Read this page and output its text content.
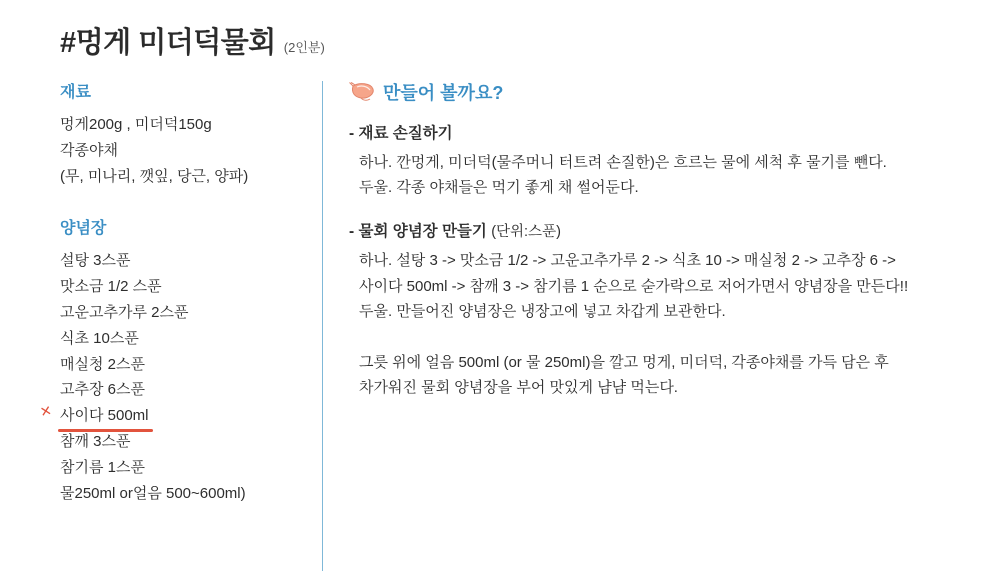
#멍게 미더덕물회 (2인분)
재료
멍게200g , 미더덕150g
각종야채
(무, 미나리, 깻잎, 당근, 양파)
양념장
설탕 3스푼
맛소금 1/2 스푼
고운고추가루 2스푼
식초 10스푼
매실청 2스푼
고추장 6스푼
✕ 사이다 500ml
참깨 3스푼
참기름 1스푼
물250ml or얼음 500~600ml)
만들어 볼까요?
- 재료 손질하기
하나. 깐멍게, 미더덕(물주머니 터트려 손질한)은 흐르는 물에 세척 후 물기를 뺀다.
두울. 각종 야채들은 먹기 좋게 채 썰어둔다.
- 물회 양념장 만들기 (단위:스푼)
하나. 설탕 3 -> 맛소금 1/2 -> 고운고추가루 2 -> 식초 10 -> 매실청 2 -> 고추장 6 ->
사이다 500ml -> 참깨 3 -> 참기름 1 순으로 숟가락으로 저어가면서 양념장을 만든다!!
두울. 만들어진 양념장은 냉장고에 넣고 차갑게 보관한다.
그릇 위에 얼음 500ml (or 물 250ml)을 깔고 멍게, 미더덕, 각종야채를 가득 담은 후
차가워진 물회 양념장을 부어 맛있게 냠냠 먹는다.
